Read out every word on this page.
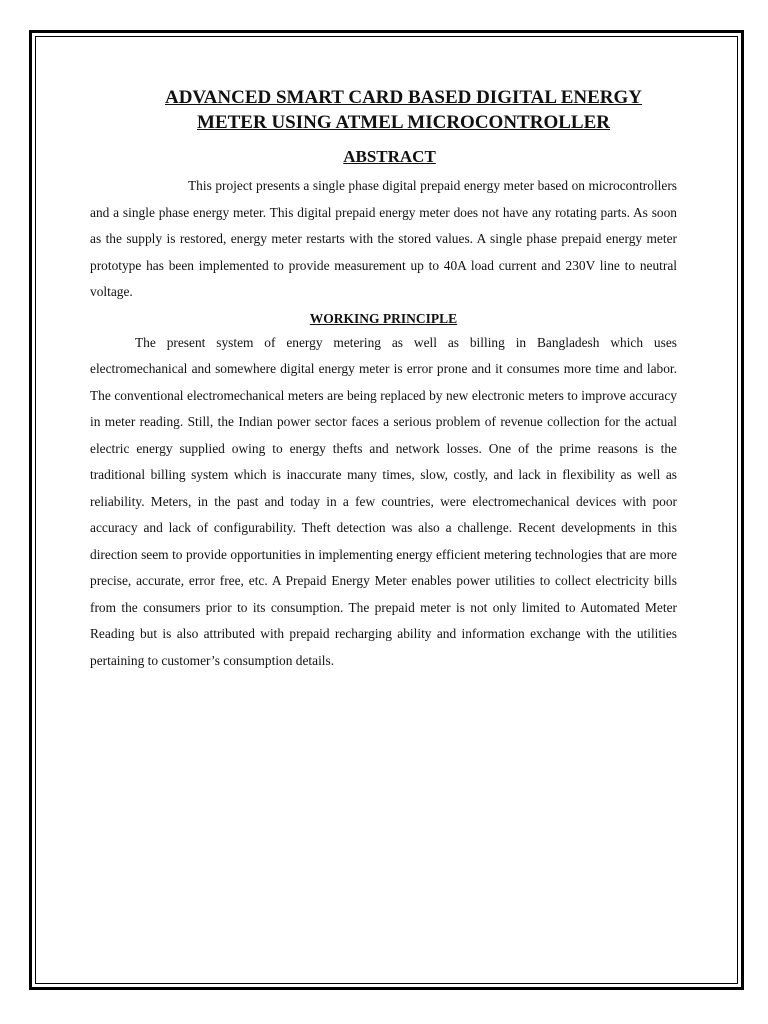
ADVANCED SMART CARD BASED DIGITAL ENERGY
METER USING ATMEL MICROCONTROLLER
ABSTRACT

This project presents a single phase digital prepaid energy meter based on microcontrollers and a single phase energy meter. This digital prepaid energy meter does not have any rotating parts. As soon as the supply is restored, energy meter restarts with the stored values. A single phase prepaid energy meter prototype has been implemented to provide measurement up to 40A load current and 230V line to neutral voltage.

WORKING PRINCIPLE

The present system of energy metering as well as billing in Bangladesh which uses electromechanical and somewhere digital energy meter is error prone and it consumes more time and labor. The conventional electromechanical meters are being replaced by new electronic meters to improve accuracy in meter reading. Still, the Indian power sector faces a serious problem of revenue collection for the actual electric energy supplied owing to energy thefts and network losses. One of the prime reasons is the traditional billing system which is inaccurate many times, slow, costly, and lack in flexibility as well as reliability. Meters, in the past and today in a few countries, were electromechanical devices with poor accuracy and lack of configurability. Theft detection was also a challenge. Recent developments in this direction seem to provide opportunities in implementing energy efficient metering technologies that are more precise, accurate, error free, etc. A Prepaid Energy Meter enables power utilities to collect electricity bills from the consumers prior to its consumption. The prepaid meter is not only limited to Automated Meter Reading but is also attributed with prepaid recharging ability and information exchange with the utilities pertaining to customer’s consumption details.
